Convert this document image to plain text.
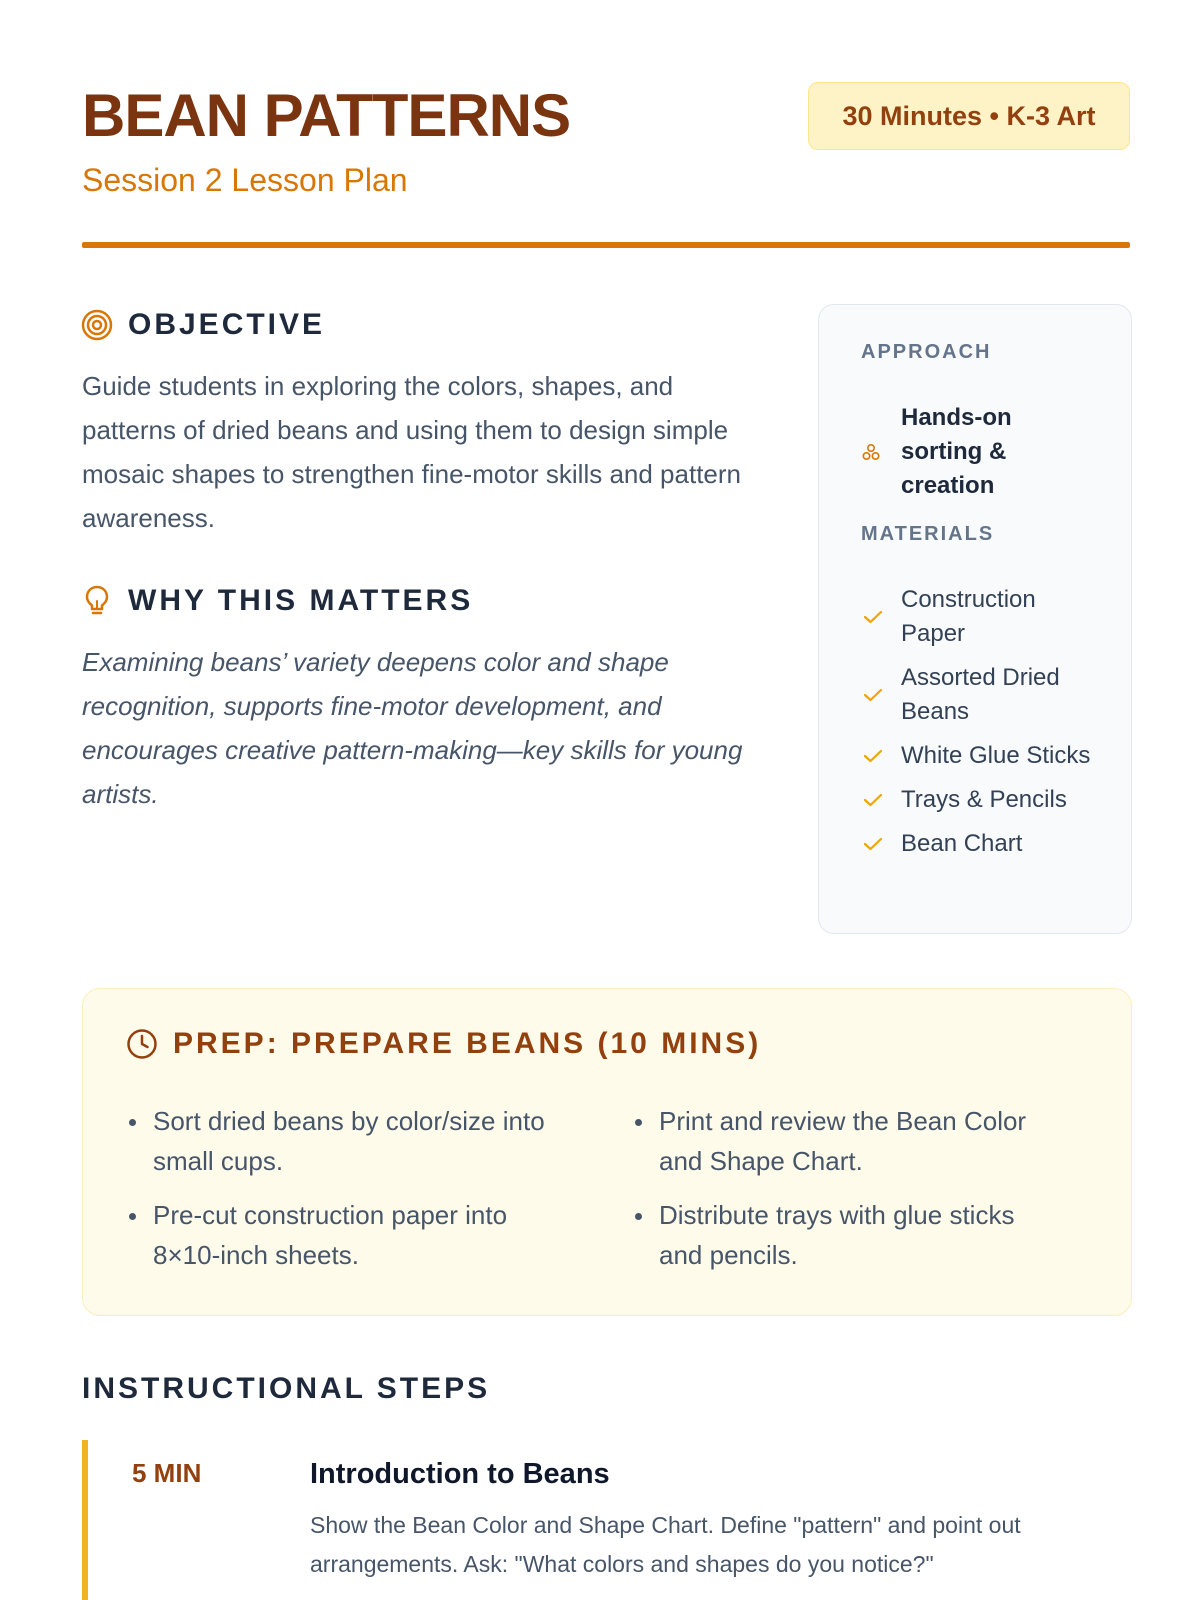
BEAN PATTERNS
Session 2 Lesson Plan
30 Minutes • K-3 Art
OBJECTIVE

Guide students in exploring the colors, shapes, and patterns of dried beans and using them to design simple mosaic shapes to strengthen fine-motor skills and pattern awareness.

WHY THIS MATTERS

Examining beans’ variety deepens color and shape recognition, supports fine-motor development, and encourages creative pattern-making—key skills for young artists.

APPROACH
Hands-on sorting & creation
MATERIALS
Construction Paper
Assorted Dried Beans
White Glue Sticks
Trays & Pencils
Bean Chart
PREP: PREPARE BEANS (10 MINS)
Sort dried beans by color/size into small cups.
Pre-cut construction paper into 8×10-inch sheets.
Print and review the Bean Color and Shape Chart.
Distribute trays with glue sticks and pencils.
INSTRUCTIONAL STEPS
5 MIN	Introduction to Beans

Show the Bean Color and Shape Chart. Define "pattern" and point out arrangements. Ask: "What colors and shapes do you notice?"
